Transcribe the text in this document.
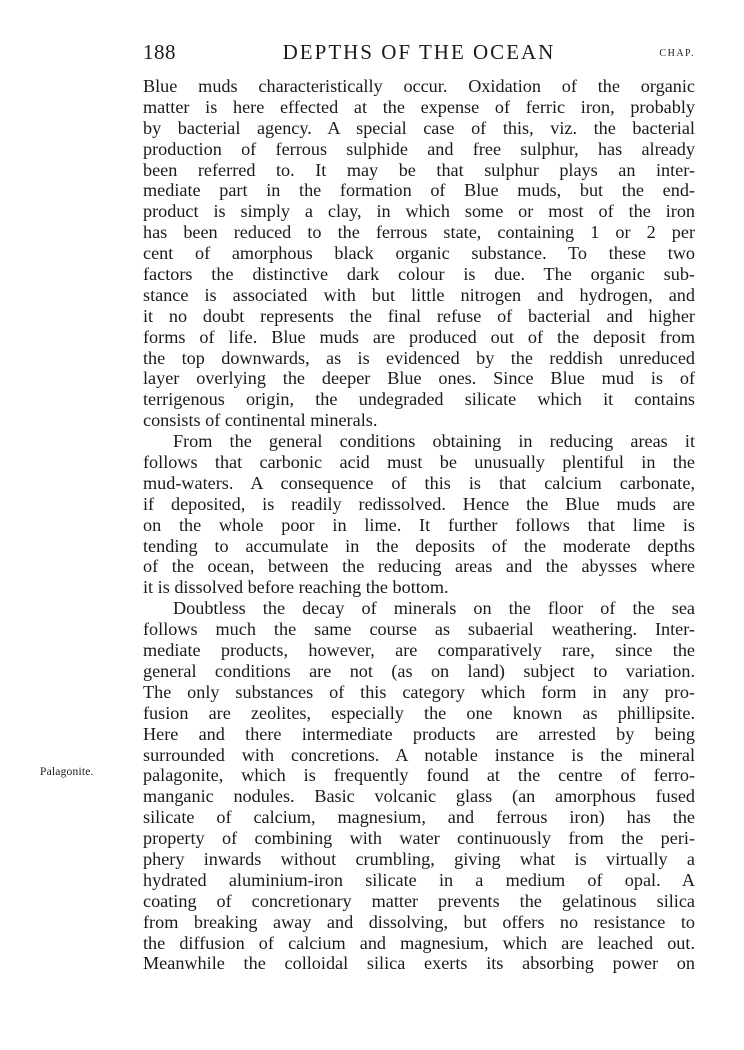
188	DEPTHS OF THE OCEAN	CHAP.
Palagonite.
Blue muds characteristically occur. Oxidation of the organic
matter is here effected at the expense of ferric iron, probably
by bacterial agency. A special case of this, viz. the bacterial
production of ferrous sulphide and free sulphur, has already
been referred to. It may be that sulphur plays an inter-
mediate part in the formation of Blue muds, but the end-
product is simply a clay, in which some or most of the iron
has been reduced to the ferrous state, containing 1 or 2 per
cent of amorphous black organic substance. To these two
factors the distinctive dark colour is due. The organic sub-
stance is associated with but little nitrogen and hydrogen, and
it no doubt represents the final refuse of bacterial and higher
forms of life. Blue muds are produced out of the deposit from
the top downwards, as is evidenced by the reddish unreduced
layer overlying the deeper Blue ones. Since Blue mud is of
terrigenous origin, the undegraded silicate which it contains
consists of continental minerals.
From the general conditions obtaining in reducing areas it
follows that carbonic acid must be unusually plentiful in the
mud-waters. A consequence of this is that calcium carbonate,
if deposited, is readily redissolved. Hence the Blue muds are
on the whole poor in lime. It further follows that lime is
tending to accumulate in the deposits of the moderate depths
of the ocean, between the reducing areas and the abysses where
it is dissolved before reaching the bottom.
Doubtless the decay of minerals on the floor of the sea
follows much the same course as subaerial weathering. Inter-
mediate products, however, are comparatively rare, since the
general conditions are not (as on land) subject to variation.
The only substances of this category which form in any pro-
fusion are zeolites, especially the one known as phillipsite.
Here and there intermediate products are arrested by being
surrounded with concretions. A notable instance is the mineral
palagonite, which is frequently found at the centre of ferro-
manganic nodules. Basic volcanic glass (an amorphous fused
silicate of calcium, magnesium, and ferrous iron) has the
property of combining with water continuously from the peri-
phery inwards without crumbling, giving what is virtually a
hydrated aluminium-iron silicate in a medium of opal. A
coating of concretionary matter prevents the gelatinous silica
from breaking away and dissolving, but offers no resistance to
the diffusion of calcium and magnesium, which are leached out.
Meanwhile the colloidal silica exerts its absorbing power on
